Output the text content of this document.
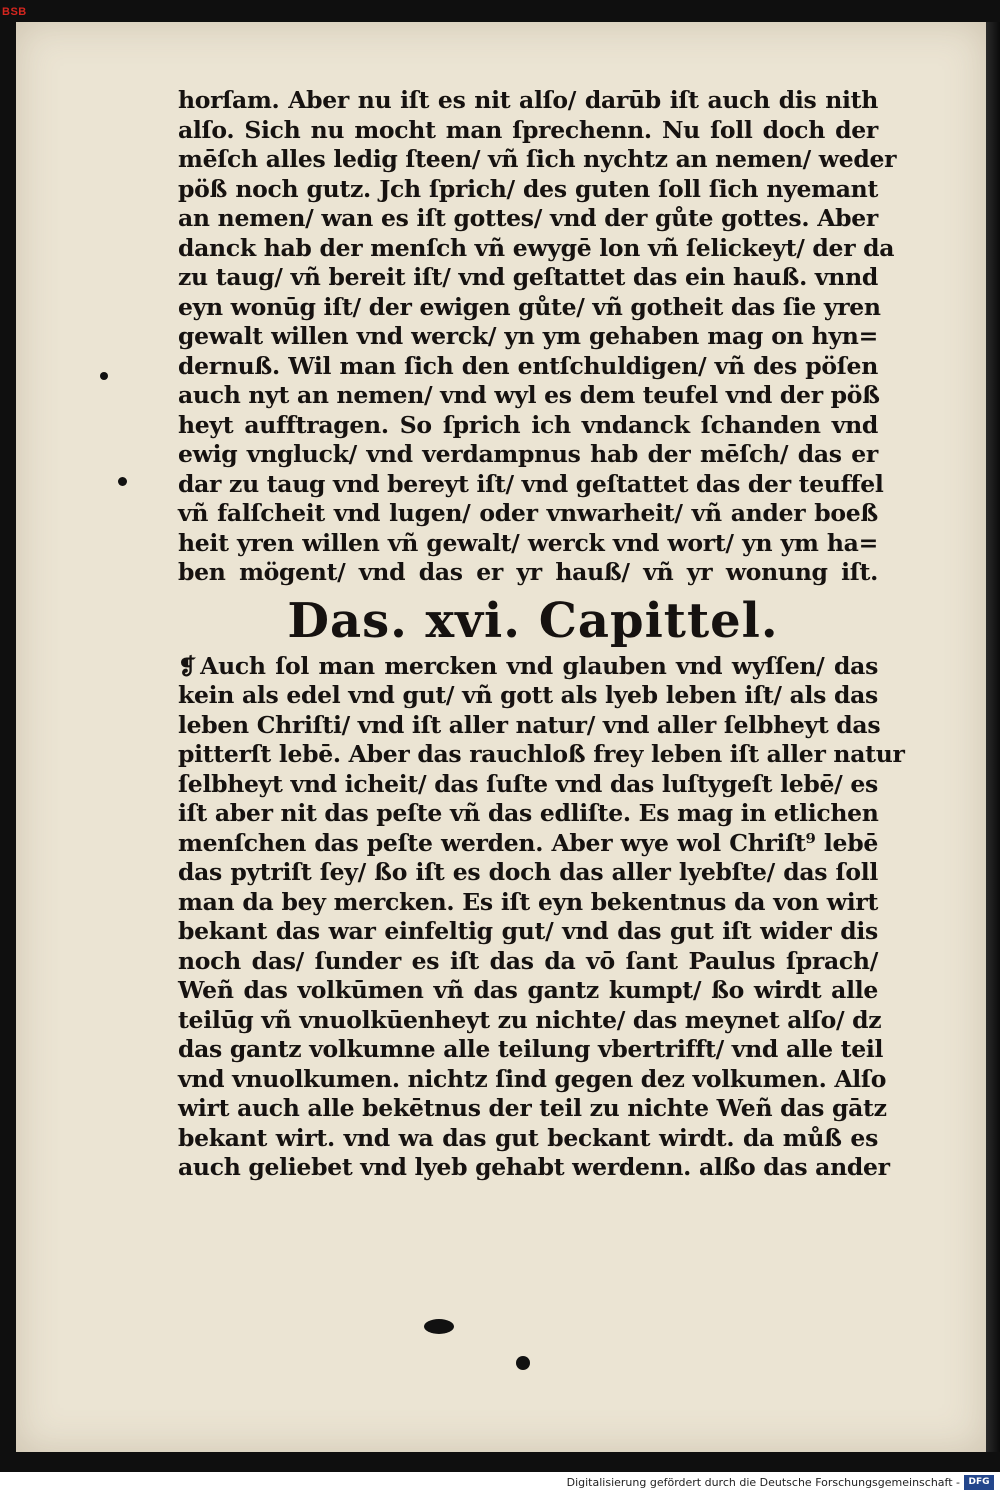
BSB
horſam. Aber nu iſt es nit alſo/ darūb iſt auch dis nith
alſo. Sich nu mocht man ſprechenn. Nu ſoll doch der
mēſch alles ledig ſteen/ vñ ſich nychtz an nemen/ weder
pöß noch gutz. Jch ſprich/ des guten ſoll ſich nyemant
an nemen/ wan es iſt gottes/ vnd der gůte gottes. Aber
danck hab der menſch vñ ewygē lon vñ ſelickeyt/ der da
zu taug/ vñ bereit iſt/ vnd geſtattet das ein hauß. vnnd
eyn wonūg iſt/ der ewigen gůte/ vñ gotheit das ſie yren
gewalt willen vnd werck/ yn ym gehaben mag on hyn=
dernuß. Wil man ſich den entſchuldigen/ vñ des pöſen
auch nyt an nemen/ vnd wyl es dem teufel vnd der pöß
heyt aufftragen. So ſprich ich vndanck ſchanden vnd
ewig vngluck/ vnd verdampnus hab der mēſch/ das er
dar zu taug vnd bereyt iſt/ vnd geſtattet das der teuffel
vñ falſcheit vnd lugen/ oder vnwarheit/ vñ ander boeß
heit yren willen vñ gewalt/ werck vnd wort/ yn ym ha=
ben mögent/ vnd das er yr hauß/ vñ yr wonung iſt.
Das. xvi. Capittel.
❡ Auch ſol man mercken vnd glauben vnd wyſſen/ das
kein als edel vnd gut/ vñ gott als lyeb leben iſt/ als das
leben Chriſti/ vnd iſt aller natur/ vnd aller ſelbheyt das
pitterſt lebē. Aber das rauchloß frey leben iſt aller natur
ſelbheyt vnd icheit/ das ſuſte vnd das luſtygeſt lebē/ es
iſt aber nit das peſte vñ das edliſte. Es mag in etlichen
menſchen das peſte werden. Aber wye wol Chriſt⁹ lebē
das pytriſt ſey/ ßo iſt es doch das aller lyebſte/ das ſoll
man da bey mercken. Es iſt eyn bekentnus da von wirt
bekant das war einfeltig gut/ vnd das gut iſt wider dis
noch das/ ſunder es iſt das da vō ſant Paulus ſprach/
Weñ das volkūmen vñ das gantz kumpt/ ßo wirdt alle
teilūg vñ vnuolkūenheyt zu nichte/ das meynet alſo/ dz
das gantz volkumne alle teilung vbertrifft/ vnd alle teil
vnd vnuolkumen. nichtz ſind gegen dez volkumen. Alſo
wirt auch alle bekētnus der teil zu nichte Weñ das gātz
bekant wirt. vnd wa das gut beckant wirdt. da můß es
auch geliebet vnd lyeb gehabt werdenn. alßo das ander
Digitalisierung gefördert durch die Deutsche Forschungsgemeinschaft - DFG
